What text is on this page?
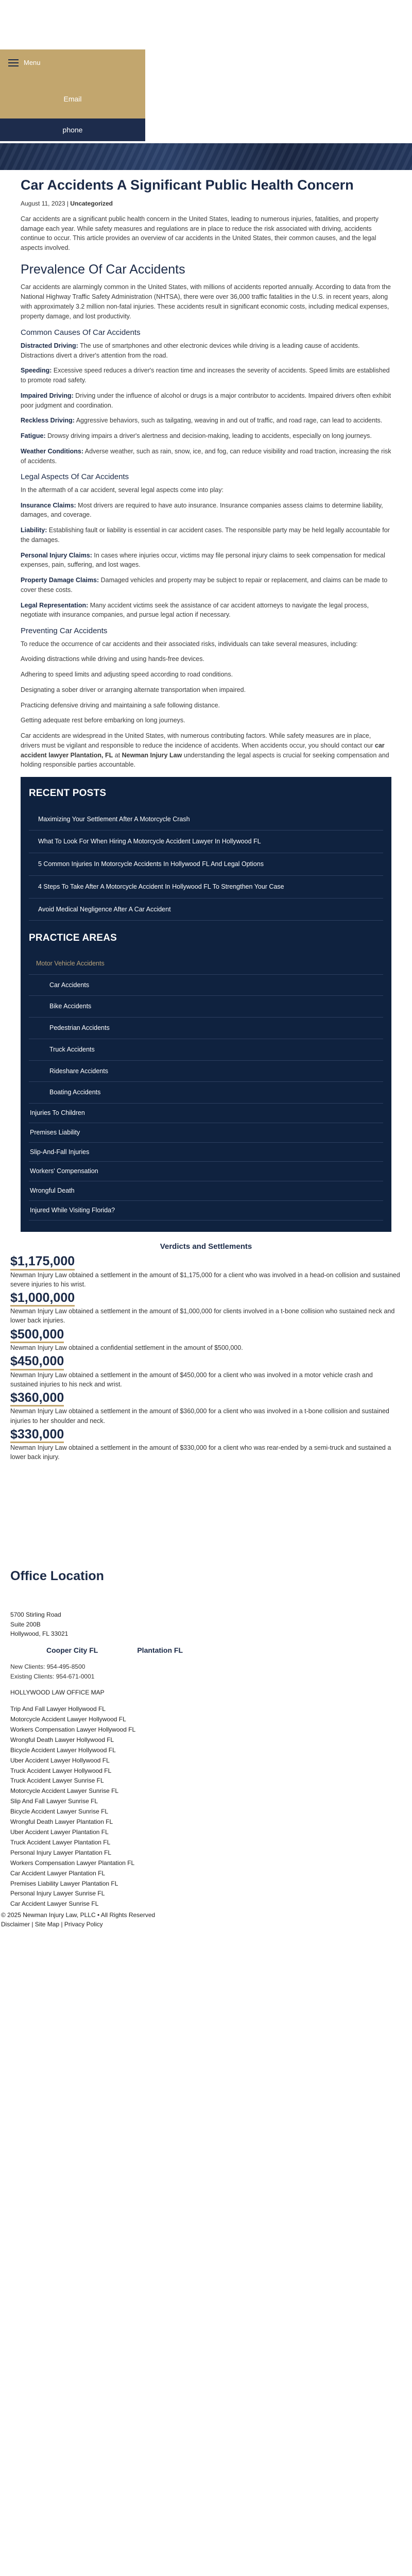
Menu
Email
phone
Car Accidents A Significant Public Health Concern
August 11, 2023 | Uncategorized

Car accidents are a significant public health concern in the United States, leading to numerous injuries, fatalities, and property damage each year. While safety measures and regulations are in place to reduce the risk associated with driving, accidents continue to occur. This article provides an overview of car accidents in the United States, their common causes, and the legal aspects involved.

Prevalence Of Car Accidents

Car accidents are alarmingly common in the United States, with millions of accidents reported annually. According to data from the National Highway Traffic Safety Administration (NHTSA), there were over 36,000 traffic fatalities in the U.S. in recent years, along with approximately 3.2 million non-fatal injuries. These accidents result in significant economic costs, including medical expenses, property damage, and lost productivity.

Common Causes Of Car Accidents

Distracted Driving: The use of smartphones and other electronic devices while driving is a leading cause of accidents. Distractions divert a driver's attention from the road.

Speeding: Excessive speed reduces a driver's reaction time and increases the severity of accidents. Speed limits are established to promote road safety.

Impaired Driving: Driving under the influence of alcohol or drugs is a major contributor to accidents. Impaired drivers often exhibit poor judgment and coordination.

Reckless Driving: Aggressive behaviors, such as tailgating, weaving in and out of traffic, and road rage, can lead to accidents.

Fatigue: Drowsy driving impairs a driver's alertness and decision-making, leading to accidents, especially on long journeys.

Weather Conditions: Adverse weather, such as rain, snow, ice, and fog, can reduce visibility and road traction, increasing the risk of accidents.

Legal Aspects Of Car Accidents

In the aftermath of a car accident, several legal aspects come into play:

Insurance Claims: Most drivers are required to have auto insurance. Insurance companies assess claims to determine liability, damages, and coverage.

Liability: Establishing fault or liability is essential in car accident cases. The responsible party may be held legally accountable for the damages.

Personal Injury Claims: In cases where injuries occur, victims may file personal injury claims to seek compensation for medical expenses, pain, suffering, and lost wages.

Property Damage Claims: Damaged vehicles and property may be subject to repair or replacement, and claims can be made to cover these costs.

Legal Representation: Many accident victims seek the assistance of car accident attorneys to navigate the legal process, negotiate with insurance companies, and pursue legal action if necessary.

Preventing Car Accidents

To reduce the occurrence of car accidents and their associated risks, individuals can take several measures, including:

Avoiding distractions while driving and using hands-free devices.

Adhering to speed limits and adjusting speed according to road conditions.

Designating a sober driver or arranging alternate transportation when impaired.

Practicing defensive driving and maintaining a safe following distance.

Getting adequate rest before embarking on long journeys.

Car accidents are widespread in the United States, with numerous contributing factors. While safety measures are in place, drivers must be vigilant and responsible to reduce the incidence of accidents. When accidents occur, you should contact our car accident lawyer Plantation, FL at Newman Injury Law understanding the legal aspects is crucial for seeking compensation and holding responsible parties accountable.

RECENT POSTS
Maximizing Your Settlement After A Motorcycle Crash
What To Look For When Hiring A Motorcycle Accident Lawyer In Hollywood FL
5 Common Injuries In Motorcycle Accidents In Hollywood FL And Legal Options
4 Steps To Take After A Motorcycle Accident In Hollywood FL To Strengthen Your Case
Avoid Medical Negligence After A Car Accident
PRACTICE AREAS
Motor Vehicle Accidents
Car Accidents
Bike Accidents
Pedestrian Accidents
Truck Accidents
Rideshare Accidents
Boating Accidents
Injuries To Children
Premises Liability
Slip-And-Fall Injuries
Workers' Compensation
Wrongful Death
Injured While Visiting Florida?
Verdicts and Settlements
$1,175,000
Newman Injury Law obtained a settlement in the amount of $1,175,000 for a client who was involved in a head-on collision and sustained severe injuries to his wrist.
$1,000,000
Newman Injury Law obtained a settlement in the amount of $1,000,000 for clients involved in a t-bone collision who sustained neck and lower back injuries.
$500,000
Newman Injury Law obtained a confidential settlement in the amount of $500,000.
$450,000
Newman Injury Law obtained a settlement in the amount of $450,000 for a client who was involved in a motor vehicle crash and sustained injuries to his neck and wrist.
$360,000
Newman Injury Law obtained a settlement in the amount of $360,000 for a client who was involved in a t-bone collision and sustained injuries to her shoulder and neck.
$330,000
Newman Injury Law obtained a settlement in the amount of $330,000 for a client who was rear-ended by a semi-truck and sustained a lower back injury.
Office Location
5700 Stirling Road
Suite 200B
Hollywood, FL 33021
Cooper City FL	Plantation FL
New Clients: 954-495-8500
Existing Clients: 954-671-0001
HOLLYWOOD LAW OFFICE MAP
Trip And Fall Lawyer Hollywood FL
Motorcycle Accident Lawyer Hollywood FL
Workers Compensation Lawyer Hollywood FL
Wrongful Death Lawyer Hollywood FL
Bicycle Accident Lawyer Hollywood FL
Uber Accident Lawyer Hollywood FL
Truck Accident Lawyer Hollywood FL
Truck Accident Lawyer Sunrise FL
Motorcycle Accident Lawyer Sunrise FL
Slip And Fall Lawyer Sunrise FL
Bicycle Accident Lawyer Sunrise FL
Wrongful Death Lawyer Plantation FL
Uber Accident Lawyer Plantation FL
Truck Accident Lawyer Plantation FL
Personal Injury Lawyer Plantation FL
Workers Compensation Lawyer Plantation FL
Car Accident Lawyer Plantation FL
Premises Liability Lawyer Plantation FL
Personal Injury Lawyer Sunrise FL
Car Accident Lawyer Sunrise FL
© 2025 Newman Injury Law, PLLC • All Rights Reserved
Disclaimer | Site Map | Privacy Policy
